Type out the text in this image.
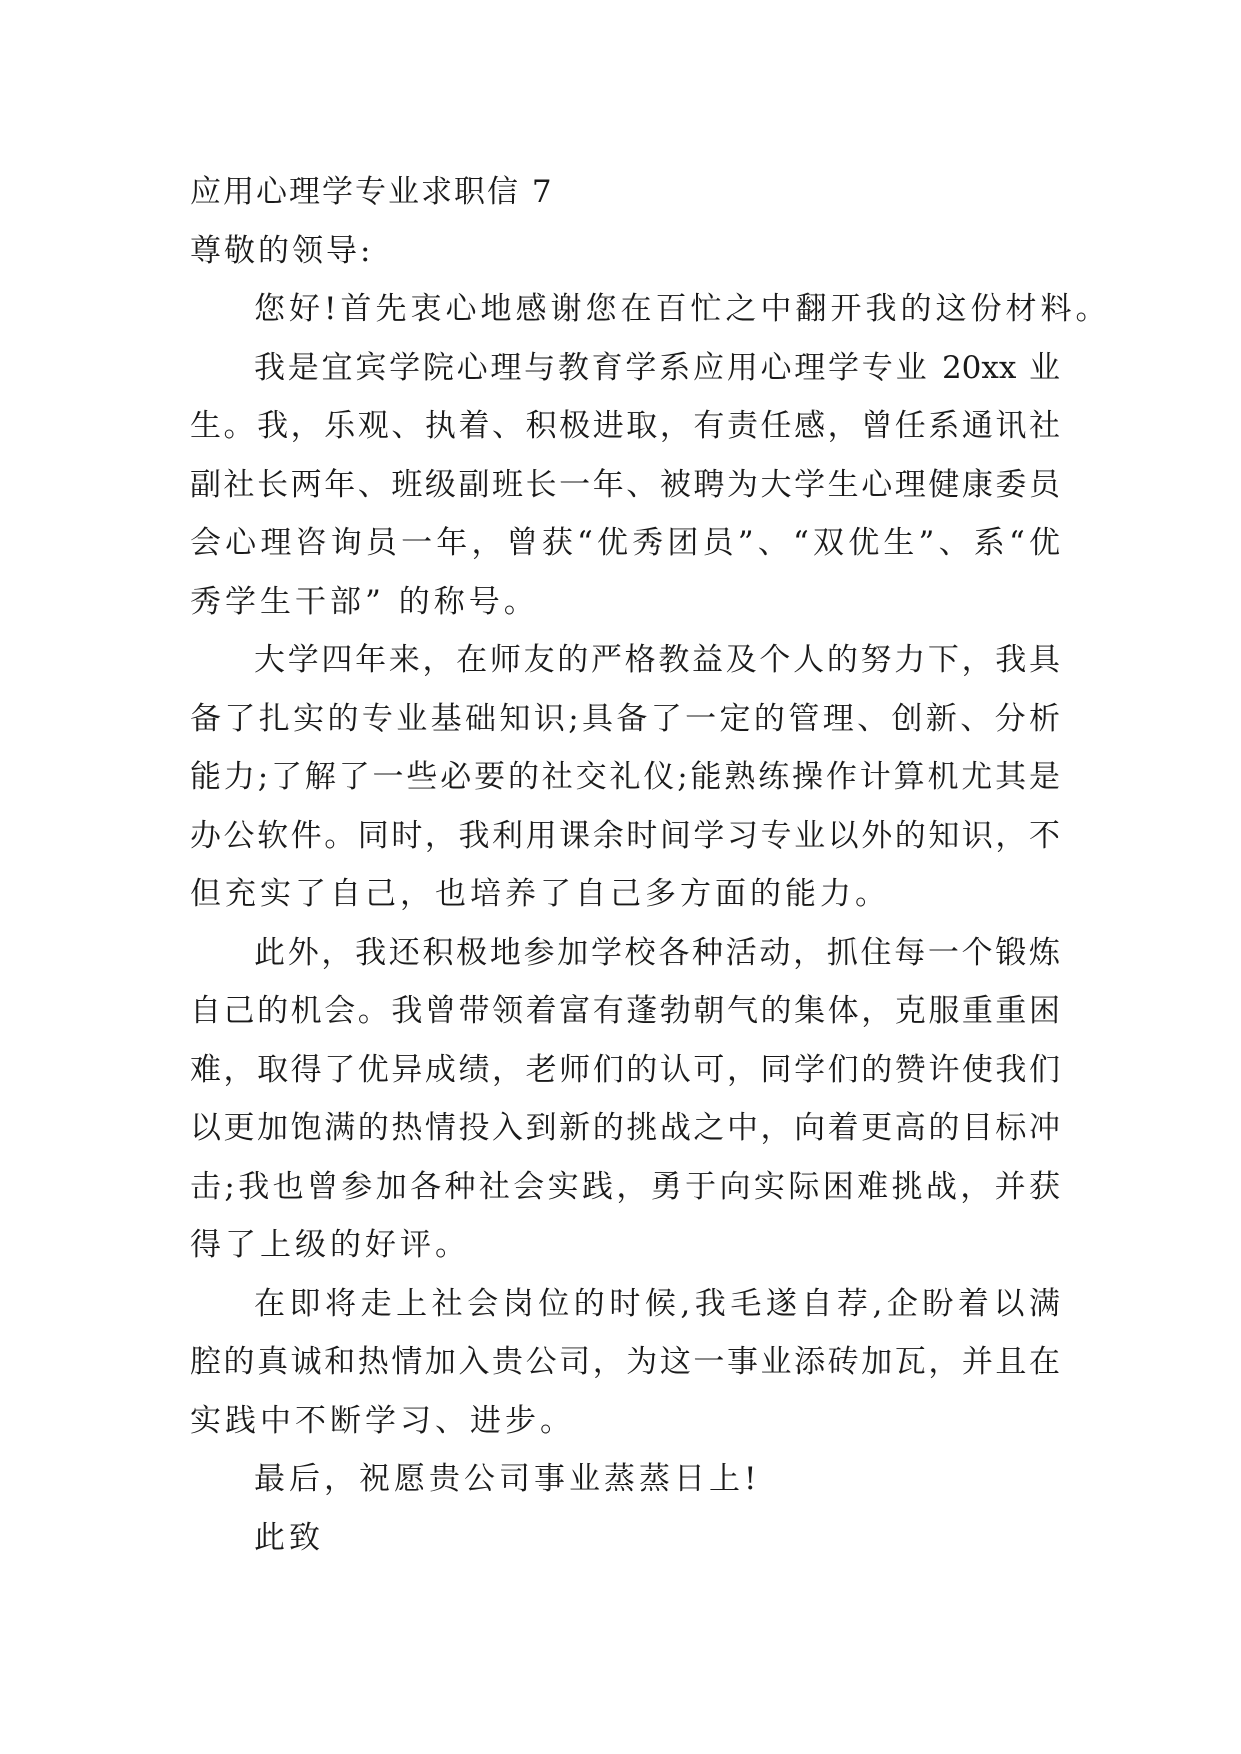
应用心理学专业求职信 7
尊敬的领导:
您好!首先衷心地感谢您在百忙之中翻开我的这份材料。
我是宜宾学院心理与教育学系应用心理学专业 20xx 业
生。我，乐观、执着、积极进取，有责任感，曾任系通讯社
副社长两年、班级副班长一年、被聘为大学生心理健康委员
会心理咨询员一年，曾获“优秀团员”、“双优生”、系“优
秀学生干部” 的称号。
大学四年来，在师友的严格教益及个人的努力下，我具
备了扎实的专业基础知识;具备了一定的管理、创新、分析
能力;了解了一些必要的社交礼仪;能熟练操作计算机尤其是
办公软件。同时，我利用课余时间学习专业以外的知识，不
但充实了自己，也培养了自己多方面的能力。
此外，我还积极地参加学校各种活动，抓住每一个锻炼
自己的机会。我曾带领着富有蓬勃朝气的集体，克服重重困
难，取得了优异成绩，老师们的认可，同学们的赞许使我们
以更加饱满的热情投入到新的挑战之中，向着更高的目标冲
击;我也曾参加各种社会实践，勇于向实际困难挑战，并获
得了上级的好评。
在即将走上社会岗位的时候,我毛遂自荐,企盼着以满
腔的真诚和热情加入贵公司，为这一事业添砖加瓦，并且在
实践中不断学习、进步。
最后，祝愿贵公司事业蒸蒸日上!
此致
